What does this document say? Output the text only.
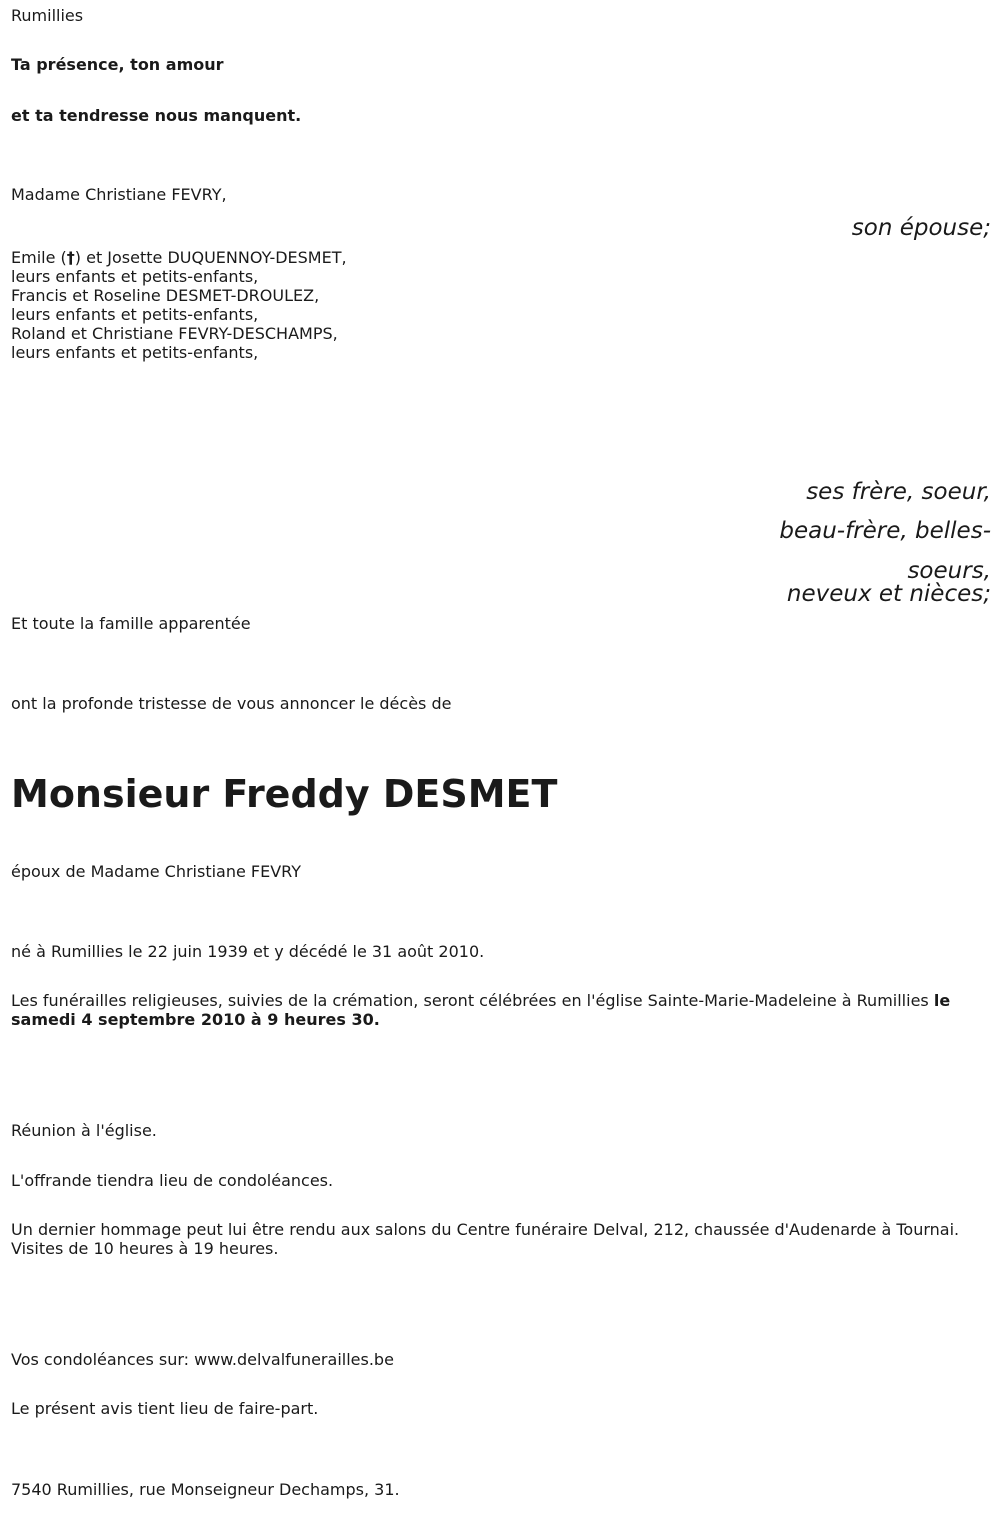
Rumillies
Ta présence, ton amour
et ta tendresse nous manquent.
Madame Christiane FEVRY,
son épouse;
Emile (†) et Josette DUQUENNOY-DESMET,
leurs enfants et petits-enfants,
Francis et Roseline DESMET-DROULEZ,
leurs enfants et petits-enfants,
Roland et Christiane FEVRY-DESCHAMPS,
leurs enfants et petits-enfants,
ses frère, soeur,
beau-frère, belles-
soeurs,
neveux et nièces;
Et toute la famille apparentée
ont la profonde tristesse de vous annoncer le décès de
Monsieur Freddy DESMET
époux de Madame Christiane FEVRY
né à Rumillies le 22 juin 1939 et y décédé le 31 août 2010.
Les funérailles religieuses, suivies de la crémation, seront célébrées en l'église Sainte-Marie-Madeleine à Rumillies le samedi 4 septembre 2010 à 9 heures 30.
Réunion à l'église.
L'offrande tiendra lieu de condoléances.
Un dernier hommage peut lui être rendu aux salons du Centre funéraire Delval, 212, chaussée d'Audenarde à Tournai. Visites de 10 heures à 19 heures.
Vos condoléances sur: www.delvalfunerailles.be
Le présent avis tient lieu de faire-part.
7540 Rumillies, rue Monseigneur Dechamps, 31.
